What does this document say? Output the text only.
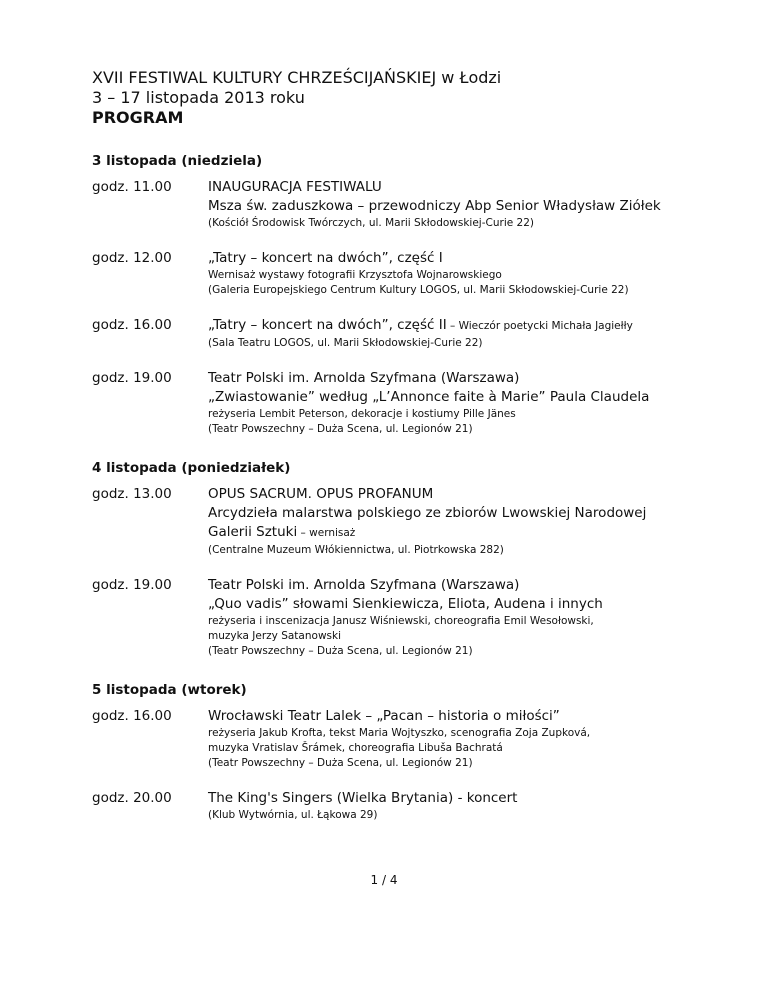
XVII FESTIWAL KULTURY CHRZEŚCIJAŃSKIEJ w Łodzi

3 – 17 listopada 2013 roku

PROGRAM

3 listopada (niedziela)
godz. 11.00	INAUGURACJA FESTIWALU
Msza św. zaduszkowa – przewodniczy Abp Senior Władysław Ziółek
(Kościół Środowisk Twórczych, ul. Marii Skłodowskiej-Curie 22)
godz. 12.00	„Tatry – koncert na dwóch”, część I
Wernisaż wystawy fotografii Krzysztofa Wojnarowskiego
(Galeria Europejskiego Centrum Kultury LOGOS, ul. Marii Skłodowskiej-Curie 22)
godz. 16.00	„Tatry – koncert na dwóch”, część II – Wieczór poetycki Michała Jagiełły
(Sala Teatru LOGOS, ul. Marii Skłodowskiej-Curie 22)
godz. 19.00	Teatr Polski im. Arnolda Szyfmana (Warszawa)
„Zwiastowanie” według „L’Annonce faite à Marie” Paula Claudela
reżyseria Lembit Peterson, dekoracje i kostiumy Pille Jänes
(Teatr Powszechny – Duża Scena, ul. Legionów 21)
4 listopada (poniedziałek)
godz. 13.00	OPUS SACRUM. OPUS PROFANUM
Arcydzieła malarstwa polskiego ze zbiorów Lwowskiej Narodowej
Galerii Sztuki – wernisaż
(Centralne Muzeum Włókiennictwa, ul. Piotrkowska 282)
godz. 19.00	Teatr Polski im. Arnolda Szyfmana (Warszawa)
„Quo vadis” słowami Sienkiewicza, Eliota, Audena i innych
reżyseria i inscenizacja Janusz Wiśniewski, choreografia Emil Wesołowski,
muzyka Jerzy Satanowski
(Teatr Powszechny – Duża Scena, ul. Legionów 21)
5 listopada (wtorek)
godz. 16.00	Wrocławski Teatr Lalek – „Pacan – historia o miłości”
reżyseria Jakub Krofta, tekst Maria Wojtyszko, scenografia Zoja Zupková,
muzyka Vratislav Šrámek, choreografia Libuša Bachratá
(Teatr Powszechny – Duża Scena, ul. Legionów 21)
godz. 20.00	The King's Singers (Wielka Brytania) - koncert
(Klub Wytwórnia, ul. Łąkowa 29)
1 / 4
